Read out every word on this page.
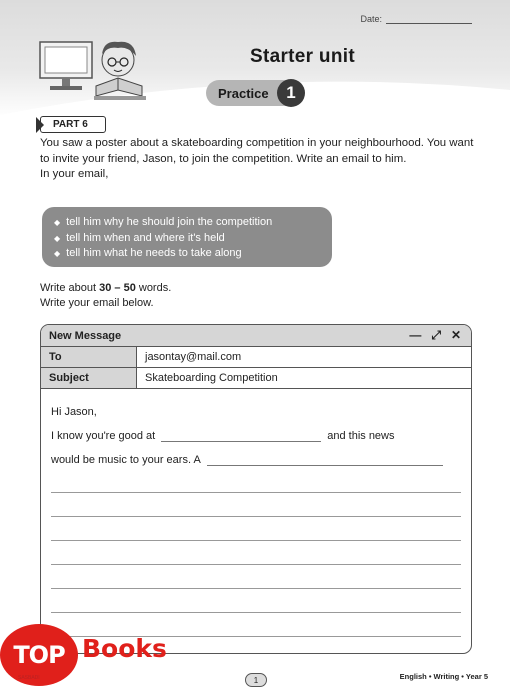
Date:
Starter unit
Practice	1
PART 6

You saw a poster about a skateboarding competition in your neighbourhood. You want to invite your friend, Jason, to join the competition. Write an email to him.

In your email,

◆ tell him why he should join the competition
◆ tell him when and where it's held
◆ tell him what he needs to take along
Write about 30 – 50 words.
Write your email below.
New Message	— ⤢ ✕
To	jasontay@mail.com
Subject	Skateboarding Competition
Hi Jason,
I know you're good at	and this news
would be music to your ears. A
TOP Books
SASBADI	1	English • Writing • Year 5
